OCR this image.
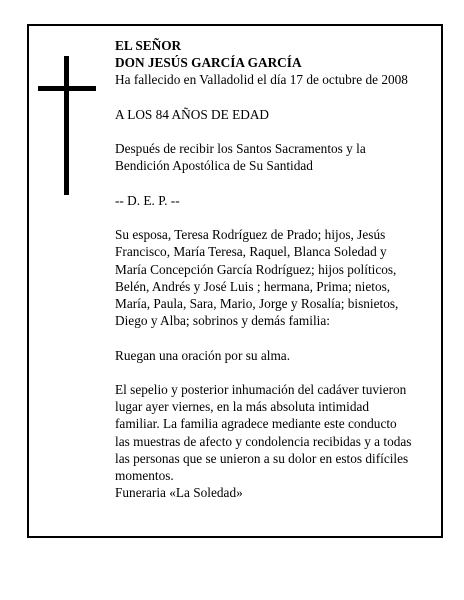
EL SEÑOR

DON JESÚS GARCÍA GARCÍA

Ha fallecido en Valladolid el día 17 de octubre de 2008

A LOS 84 AÑOS DE EDAD

Después de recibir los Santos Sacramentos y la

Bendición Apostólica de Su Santidad

-- D. E. P. --

Su esposa, Teresa Rodríguez de Prado; hijos, Jesús

Francisco, María Teresa, Raquel, Blanca Soledad y

María Concepción García Rodríguez; hijos políticos,

Belén, Andrés y José Luis ; hermana, Prima; nietos,

María, Paula, Sara, Mario, Jorge y Rosalía; bisnietos,

Diego y Alba; sobrinos y demás familia:

Ruegan una oración por su alma.

El sepelio y posterior inhumación del cadáver tuvieron

lugar ayer viernes, en la más absoluta intimidad

familiar. La familia agradece mediante este conducto

las muestras de afecto y condolencia recibidas y a todas

las personas que se unieron a su dolor en estos difíciles

momentos.

Funeraria «La Soledad»
